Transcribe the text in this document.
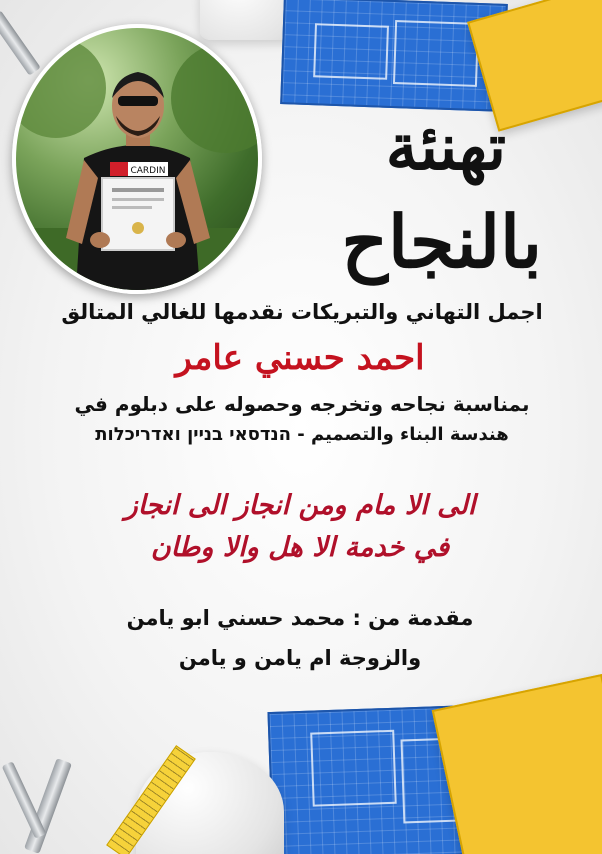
CARDIN	تهنئة
بالنجاح
اجمل التهاني والتبريكات نقدمها للغالي المتالق
احمد حسني عامر
بمناسبة نجاحه وتخرجه وحصوله على دبلوم في
هندسة البناء والتصميم - הנדסאי בניין ואדריכלות
الى الا مام ومن انجاز الى انجاز
في خدمة الا هل والا وطان
مقدمة من : محمد حسني ابو يامن
والزوجة ام يامن و يامن
